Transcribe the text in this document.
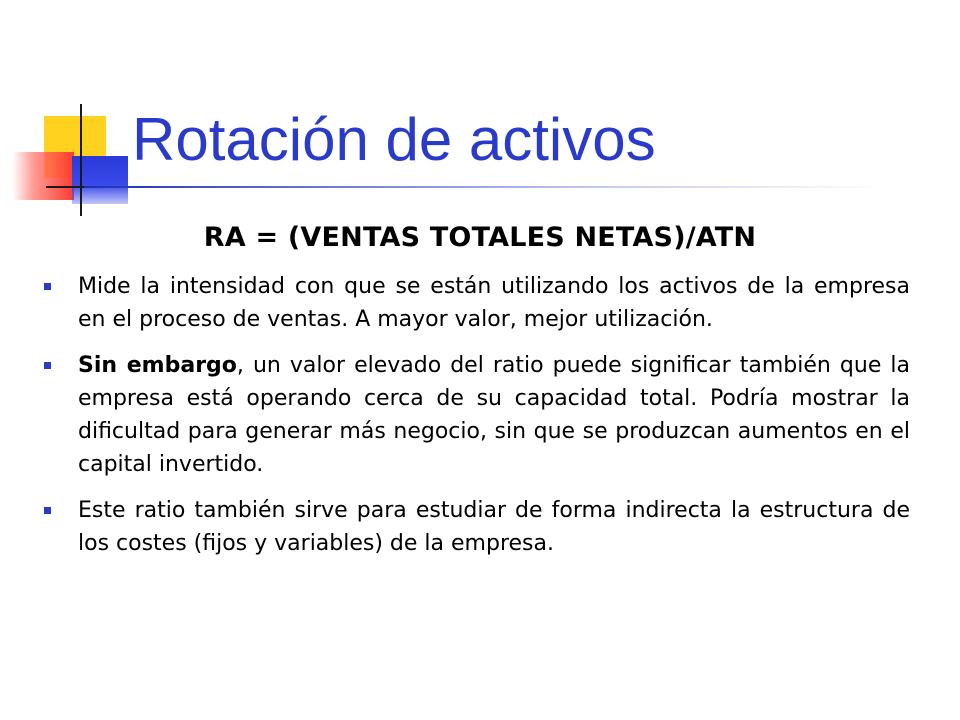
Rotación de activos
RA = (VENTAS TOTALES NETAS)/ATN
Mide la intensidad con que se están utilizando los activos de la empresa en el proceso de ventas. A mayor valor, mejor utilización.
Sin embargo, un valor elevado del ratio puede significar también que la empresa está operando cerca de su capacidad total. Podría mostrar la dificultad para generar más negocio, sin que se produzcan aumentos en el capital invertido.
Este ratio también sirve para estudiar de forma indirecta la estructura de los costes (fijos y variables) de la empresa.
